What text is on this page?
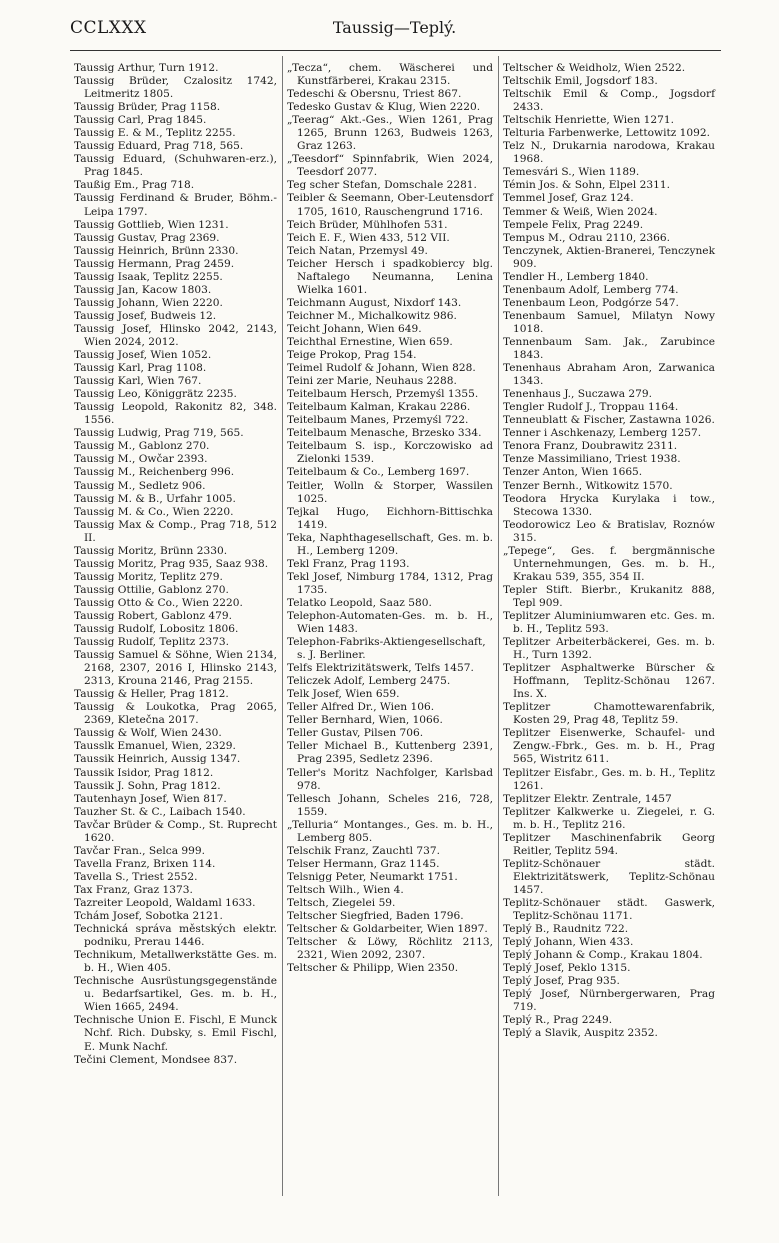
CCLXXX	Taussig—Teplý.

Taussig Arthur, Turn 1912.

Taussig Brüder, Czalositz 1742, Leitmeritz 1805.

Taussig Brüder, Prag 1158.

Taussig Carl, Prag 1845.

Taussig E. & M., Teplitz 2255.

Taussig Eduard, Prag 718, 565.

Taussig Eduard, (Schuhwaren-erz.), Prag 1845.

Taußig Em., Prag 718.

Taussig Ferdinand & Bruder, Böhm.-Leipa 1797.

Taussig Gottlieb, Wien 1231.

Taussig Gustav, Prag 2369.

Taussig Heinrich, Brünn 2330.

Taussig Hermann, Prag 2459.

Taussig Isaak, Teplitz 2255.

Taussig Jan, Kacow 1803.

Taussig Johann, Wien 2220.

Taussig Josef, Budweis 12.

Taussig Josef, Hlinsko 2042, 2143, Wien 2024, 2012.

Taussig Josef, Wien 1052.

Taussig Karl, Prag 1108.

Taussig Karl, Wien 767.

Taussig Leo, Königgrätz 2235.

Taussig Leopold, Rakonitz 82, 348. 1556.

Taussig Ludwig, Prag 719, 565.

Taussig M., Gablonz 270.

Taussig M., Owčar 2393.

Taussig M., Reichenberg 996.

Taussig M., Sedletz 906.

Taussig M. & B., Urfahr 1005.

Taussig M. & Co., Wien 2220.

Taussig Max & Comp., Prag 718, 512 II.

Taussig Moritz, Brünn 2330.

Taussig Moritz, Prag 935, Saaz 938.

Taussig Moritz, Teplitz 279.

Taussig Ottilie, Gablonz 270.

Taussig Otto & Co., Wien 2220.

Taussig Robert, Gablonz 479.

Taussig Rudolf, Lobositz 1806.

Taussig Rudolf, Teplitz 2373.

Taussig Samuel & Söhne, Wien 2134, 2168, 2307, 2016 I, Hlinsko 2143, 2313, Krouna 2146, Prag 2155.

Taussig & Heller, Prag 1812.

Taussig & Loukotka, Prag 2065, 2369, Kletečna 2017.

Taussig & Wolf, Wien 2430.

Tausslk Emanuel, Wien, 2329.

Taussik Heinrich, Aussig 1347.

Taussik Isidor, Prag 1812.

Taussik J. Sohn, Prag 1812.

Tautenhayn Josef, Wien 817.

Tauzher St. & C., Laibach 1540.

Tavčar Brüder & Comp., St. Ruprecht 1620.

Tavčar Fran., Selca 999.

Tavella Franz, Brixen 114.

Tavella S., Triest 2552.

Tax Franz, Graz 1373.

Tazreiter Leopold, Waldaml 1633.

Tchám Josef, Sobotka 2121.

Technická správa městských elektr. podniku, Prerau 1446.

Technikum, Metallwerkstätte Ges. m. b. H., Wien 405.

Technische Ausrüstungsgegenstände u. Bedarfsartikel, Ges. m. b. H., Wien 1665, 2494.

Technische Union E. Fischl, E Munck Nchf. Rich. Dubsky, s. Emil Fischl, E. Munk Nachf.

Tečini Clement, Mondsee 837.

„Tecza“, chem. Wäscherei und Kunstfärberei, Krakau 2315.

Tedeschi & Obersnu, Triest 867.

Tedesko Gustav & Klug, Wien 2220.

„Teerag“ Akt.-Ges., Wien 1261, Prag 1265, Brunn 1263, Budweis 1263, Graz 1263.

„Teesdorf“ Spinnfabrik, Wien 2024, Teesdorf 2077.

Teg scher Stefan, Domschale 2281.

Teibler & Seemann, Ober-Leutensdorf 1705, 1610, Rauschengrund 1716.

Teich Brüder, Mühlhofen 531.

Teich E. F., Wien 433, 512 VII.

Teich Natan, Przemysl 49.

Teicher Hersch i spadkobiercy blg. Naftalego Neumanna, Lenina Wielka 1601.

Teichmann August, Nixdorf 143.

Teichner M., Michalkowitz 986.

Teicht Johann, Wien 649.

Teichthal Ernestine, Wien 659.

Teige Prokop, Prag 154.

Teimel Rudolf & Johann, Wien 828.

Teini zer Marie, Neuhaus 2288.

Teitelbaum Hersch, Przemyśl 1355.

Teitelbaum Kalman, Krakau 2286.

Teitelbaum Manes, Przemyśl 722.

Teitelbaum Menasche, Brzesko 334.

Teitelbaum S. isp., Korczowisko ad Zielonki 1539.

Teitelbaum & Co., Lemberg 1697.

Teitler, Wolln & Storper, Wassilen 1025.

Tejkal Hugo, Eichhorn-Bittischka 1419.

Teka, Naphthagesellschaft, Ges. m. b. H., Lemberg 1209.

Tekl Franz, Prag 1193.

Tekl Josef, Nimburg 1784, 1312, Prag 1735.

Telatko Leopold, Saaz 580.

Telephon-Automaten-Ges. m. b. H., Wien 1483.

Telephon-Fabriks-Aktiengesellschaft, s. J. Berliner.

Telfs Elektrizitätswerk, Telfs 1457.

Teliczek Adolf, Lemberg 2475.

Telk Josef, Wien 659.

Teller Alfred Dr., Wien 106.

Teller Bernhard, Wien, 1066.

Teller Gustav, Pilsen 706.

Teller Michael B., Kuttenberg 2391, Prag 2395, Sedletz 2396.

Teller's Moritz Nachfolger, Karlsbad 978.

Tellesch Johann, Scheles 216, 728, 1559.

„Telluria“ Montanges., Ges. m. b. H., Lemberg 805.

Telschik Franz, Zauchtl 737.

Telser Hermann, Graz 1145.

Telsnigg Peter, Neumarkt 1751.

Teltsch Wilh., Wien 4.

Teltsch, Ziegelei 59.

Teltscher Siegfried, Baden 1796.

Teltscher & Goldarbeiter, Wien 1897.

Teltscher & Löwy, Röchlitz 2113, 2321, Wien 2092, 2307.

Teltscher & Philipp, Wien 2350.

Teltscher & Weidholz, Wien 2522.

Teltschik Emil, Jogsdorf 183.

Teltschik Emil & Comp., Jogsdorf 2433.

Teltschik Henriette, Wien 1271.

Telturia Farbenwerke, Lettowitz 1092.

Telz N., Drukarnia narodowa, Krakau 1968.

Temesvári S., Wien 1189.

Témin Jos. & Sohn, Elpel 2311.

Temmel Josef, Graz 124.

Temmer & Weiß, Wien 2024.

Tempele Felix, Prag 2249.

Tempus M., Odrau 2110, 2366.

Tenczynek, Aktien-Branerei, Tenczynek 909.

Tendler H., Lemberg 1840.

Tenenbaum Adolf, Lemberg 774.

Tenenbaum Leon, Podgórze 547.

Tenenbaum Samuel, Milatyn Nowy 1018.

Tennenbaum Sam. Jak., Zarubince 1843.

Tenenhaus Abraham Aron, Zarwanica 1343.

Tenenhaus J., Suczawa 279.

Tengler Rudolf J., Troppau 1164.

Tenneublatt & Fischer, Zastawna 1026.

Tenner i Aschkenazy, Lemberg 1257.

Tenora Franz, Doubrawitz 2311.

Tenze Massimiliano, Triest 1938.

Tenzer Anton, Wien 1665.

Tenzer Bernh., Witkowitz 1570.

Teodora Hrycka Kurylaka i tow., Stecowa 1330.

Teodorowicz Leo & Bratislav, Roznów 315.

„Tepege“, Ges. f. bergmännische Unternehmungen, Ges. m. b. H., Krakau 539, 355, 354 II.

Tepler Stift. Bierbr., Krukanitz 888, Tepl 909.

Teplitzer Aluminiumwaren etc. Ges. m. b. H., Teplitz 593.

Teplitzer Arbeiterbäckerei, Ges. m. b. H., Turn 1392.

Teplitzer Asphaltwerke Bürscher & Hoffmann, Teplitz-Schönau 1267. Ins. X.

Teplitzer Chamottewarenfabrik, Kosten 29, Prag 48, Teplitz 59.

Teplitzer Eisenwerke, Schaufel- und Zengw.-Fbrk., Ges. m. b. H., Prag 565, Wistritz 611.

Teplitzer Eisfabr., Ges. m. b. H., Teplitz 1261.

Teplitzer Elektr. Zentrale, 1457

Teplitzer Kalkwerke u. Ziegelei, r. G. m. b. H., Teplitz 216.

Teplitzer Maschinenfabrik Georg Reitler, Teplitz 594.

Teplitz-Schönauer städt. Elektrizitätswerk, Teplitz-Schönau 1457.

Teplitz-Schönauer städt. Gaswerk, Teplitz-Schönau 1171.

Teplý B., Raudnitz 722.

Teplý Johann, Wien 433.

Teplý Johann & Comp., Krakau 1804.

Teplý Josef, Peklo 1315.

Teplý Josef, Prag 935.

Teplý Josef, Nürnbergerwaren, Prag 719.

Teplý R., Prag 2249.

Teplý a Slavik, Auspitz 2352.
